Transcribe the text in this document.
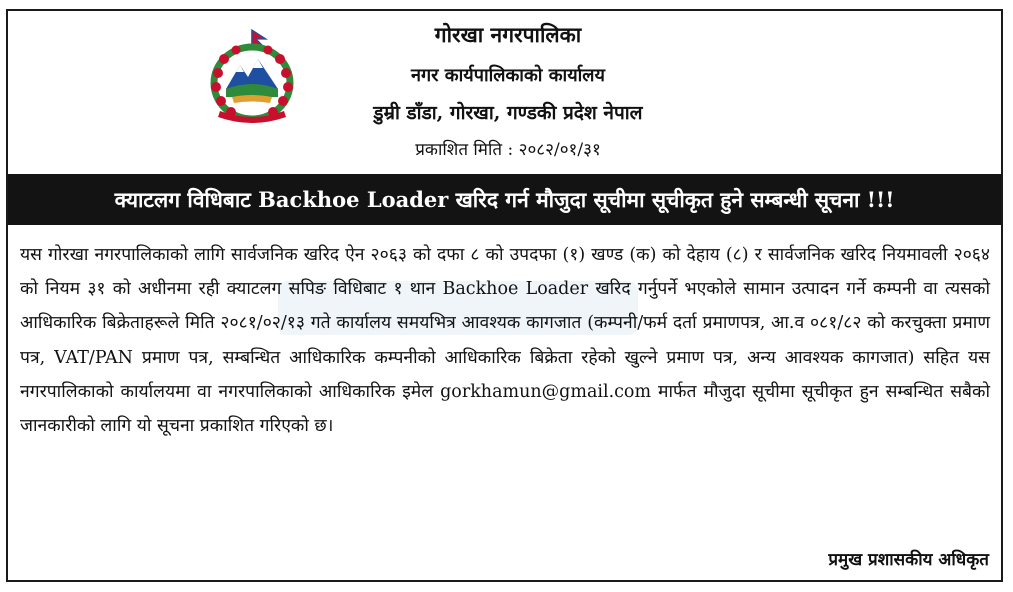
गोरखा नगरपालिका
नगर कार्यपालिकाको कार्यालय
डुम्री डाँडा, गोरखा, गण्डकी प्रदेश नेपाल
प्रकाशित मिति : २०८२/०१/३१
क्याटलग विधिबाट Backhoe Loader खरिद गर्न मौजुदा सूचीमा सूचीकृत हुने सम्बन्धी सूचना !!!
यस गोरखा नगरपालिकाको लागि सार्वजनिक खरिद ऐन २०६३ को दफा ८ को उपदफा (१) खण्ड (क) को देहाय (८) र सार्वजनिक खरिद नियमावली २०६४ को नियम ३१ को अधीनमा रही क्याटलग सपिङ विधिबाट १ थान Backhoe Loader खरिद गर्नुपर्ने भएकोले सामान उत्पादन गर्ने कम्पनी वा त्यसको आधिकारिक बिक्रेताहरूले मिति २०८१/०२/१३ गते कार्यालय समयभित्र आवश्यक कागजात (कम्पनी/फर्म दर्ता प्रमाणपत्र, आ.व ०८१/८२ को करचुक्ता प्रमाण पत्र, VAT/PAN प्रमाण पत्र, सम्बन्धित आधिकारिक कम्पनीको आधिकारिक बिक्रेता रहेको खुल्ने प्रमाण पत्र, अन्य आवश्यक कागजात) सहित यस नगरपालिकाको कार्यालयमा वा नगरपालिकाको आधिकारिक इमेल gorkhamun@gmail.com मार्फत मौजुदा सूचीमा सूचीकृत हुन सम्बन्धित सबैको जानकारीको लागि यो सूचना प्रकाशित गरिएको छ।
प्रमुख प्रशासकीय अधिकृत
